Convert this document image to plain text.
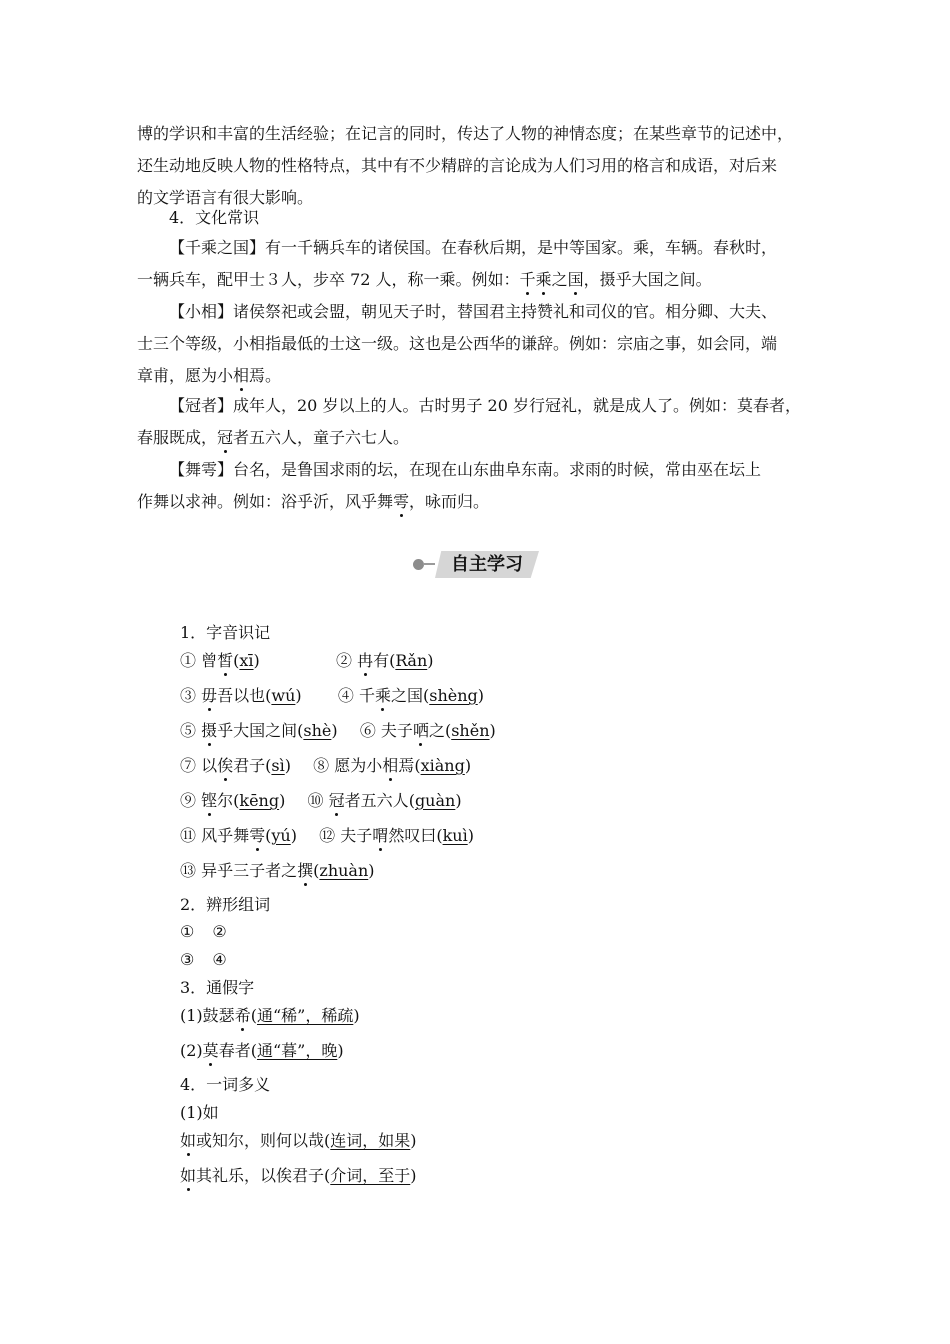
博的学识和丰富的生活经验；在记言的同时，传达了人物的神情态度；在某些章节的记述中，
还生动地反映人物的性格特点，其中有不少精辟的言论成为人们习用的格言和成语，对后来
的文学语言有很大影响。
4．文化常识
【千乘之国】有一千辆兵车的诸侯国。在春秋后期，是中等国家。乘，车辆。春秋时，
一辆兵车，配甲士３人，步卒 72 人，称一乘。例如：千乘之国，摄乎大国之间。
【小相】诸侯祭祀或会盟，朝见天子时，替国君主持赞礼和司仪的官。相分卿、大夫、
士三个等级，小相指最低的士这一级。这也是公西华的谦辞。例如：宗庙之事，如会同，端
章甫，愿为小相焉。
【冠者】成年人，20 岁以上的人。古时男子 20 岁行冠礼，就是成人了。例如：莫春者，
春服既成，冠者五六人，童子六七人。
【舞雩】台名，是鲁国求雨的坛，在现在山东曲阜东南。求雨的时候，常由巫在坛上
作舞以求神。例如：浴乎沂，风乎舞雩，咏而归。
自主学习
1．字音识记
① 曾皙(xī)	② 冉有(Rǎn)
③ 毋吾以也(wú) ④ 千乘之国(shèng)
⑤ 摄乎大国之间(shè) ⑥ 夫子哂之(shěn)
⑦ 以俟君子(sì) ⑧ 愿为小相焉(xiàng)
⑨ 铿尔(kēng) ⑩ 冠者五六人(guàn)
⑪ 风乎舞雩(yú) ⑫ 夫子喟然叹曰(kuì)
⑬ 异乎三子者之撰(zhuàn)
2．辨形组词
① ②
③ ④
3．通假字
(1)鼓瑟希(通“稀”，稀疏)
(2)莫春者(通“暮”，晚)
4．一词多义
(1)如
如或知尔，则何以哉(连词，如果)
如其礼乐，以俟君子(介词，至于)
